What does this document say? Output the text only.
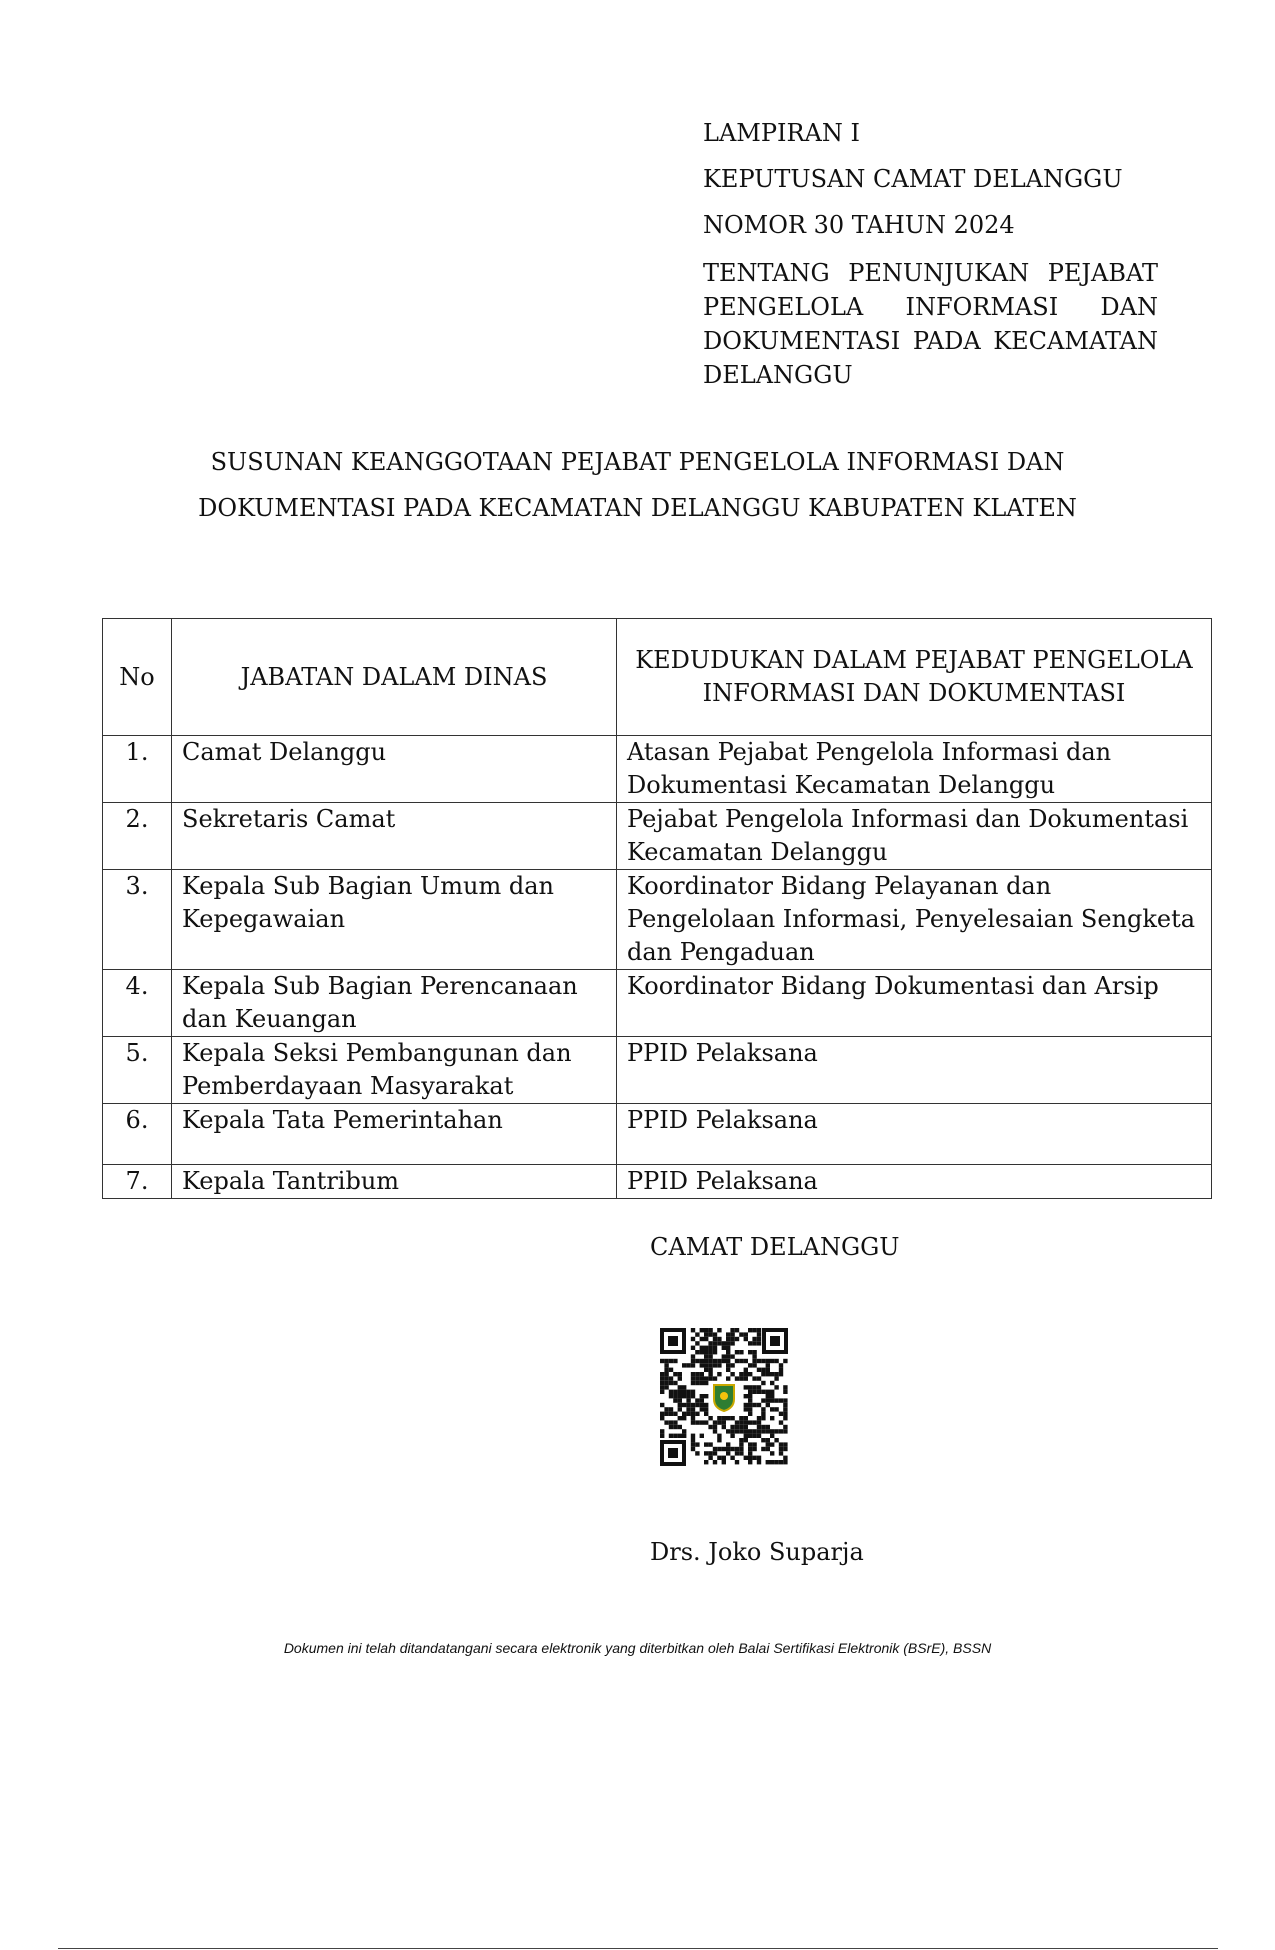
LAMPIRAN I
KEPUTUSAN CAMAT DELANGGU
NOMOR 30 TAHUN 2024
TENTANG PENUNJUKAN PEJABAT PENGELOLA INFORMASI DAN DOKUMENTASI PADA KECAMATAN DELANGGU
SUSUNAN KEANGGOTAAN PEJABAT PENGELOLA INFORMASI DAN
DOKUMENTASI PADA KECAMATAN DELANGGU KABUPATEN KLATEN
No	JABATAN DALAM DINAS	KEDUDUKAN DALAM PEJABAT PENGELOLA INFORMASI DAN DOKUMENTASI
1.	Camat Delanggu	Atasan Pejabat Pengelola Informasi dan Dokumentasi Kecamatan Delanggu
2.	Sekretaris Camat	Pejabat Pengelola Informasi dan Dokumentasi Kecamatan Delanggu
3.	Kepala Sub Bagian Umum dan Kepegawaian	Koordinator Bidang Pelayanan dan Pengelolaan Informasi, Penyelesaian Sengketa dan Pengaduan
4.	Kepala Sub Bagian Perencanaan dan Keuangan	Koordinator Bidang Dokumentasi dan Arsip
5.	Kepala Seksi Pembangunan dan Pemberdayaan Masyarakat	PPID Pelaksana
6.	Kepala Tata Pemerintahan	PPID Pelaksana
7.	Kepala Tantribum	PPID Pelaksana
CAMAT DELANGGU
Drs. Joko Suparja
Dokumen ini telah ditandatangani secara elektronik yang diterbitkan oleh Balai Sertifikasi Elektronik (BSrE), BSSN
